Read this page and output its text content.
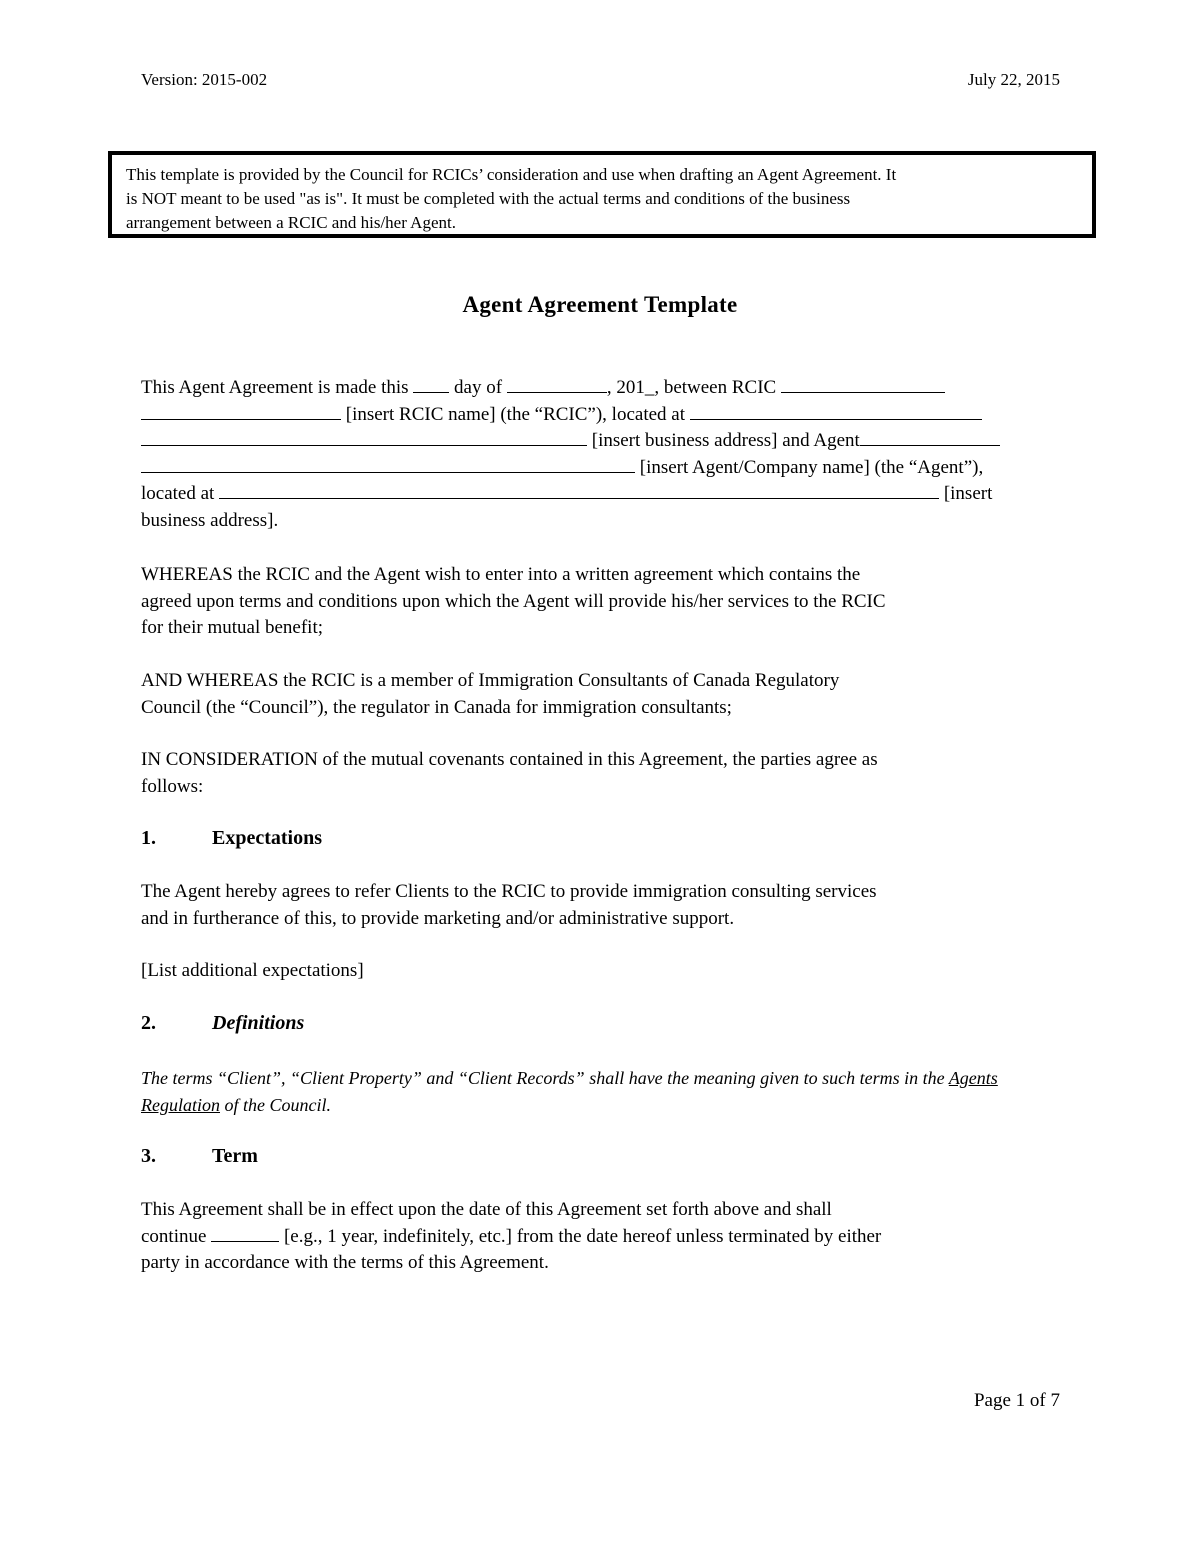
Version: 2015-002	July 22, 2015
This template is provided by the Council for RCICs’ consideration and use when drafting an Agent Agreement. It
is NOT meant to be used "as is". It must be completed with the actual terms and conditions of the business
arrangement between a RCIC and his/her Agent.
Agent Agreement Template
This Agent Agreement is made this day of	, 201_, between RCIC
[insert RCIC name] (the “RCIC”), located at
[insert business address] and Agent
[insert Agent/Company name] (the “Agent”),
located at	[insert
business address].
WHEREAS the RCIC and the Agent wish to enter into a written agreement which contains the
agreed upon terms and conditions upon which the Agent will provide his/her services to the RCIC
for their mutual benefit;
AND WHEREAS the RCIC is a member of Immigration Consultants of Canada Regulatory
Council (the “Council”), the regulator in Canada for immigration consultants;
IN CONSIDERATION of the mutual covenants contained in this Agreement, the parties agree as
follows:
1.	Expectations
The Agent hereby agrees to refer Clients to the RCIC to provide immigration consulting services
and in furtherance of this, to provide marketing and/or administrative support.
[List additional expectations]
2.	Definitions
The terms “Client”, “Client Property” and “Client Records” shall have the meaning given to such terms in the Agents
Regulation of the Council.
3.	Term
This Agreement shall be in effect upon the date of this Agreement set forth above and shall
continue	[e.g., 1 year, indefinitely, etc.] from the date hereof unless terminated by either
party in accordance with the terms of this Agreement.
Page 1 of 7
